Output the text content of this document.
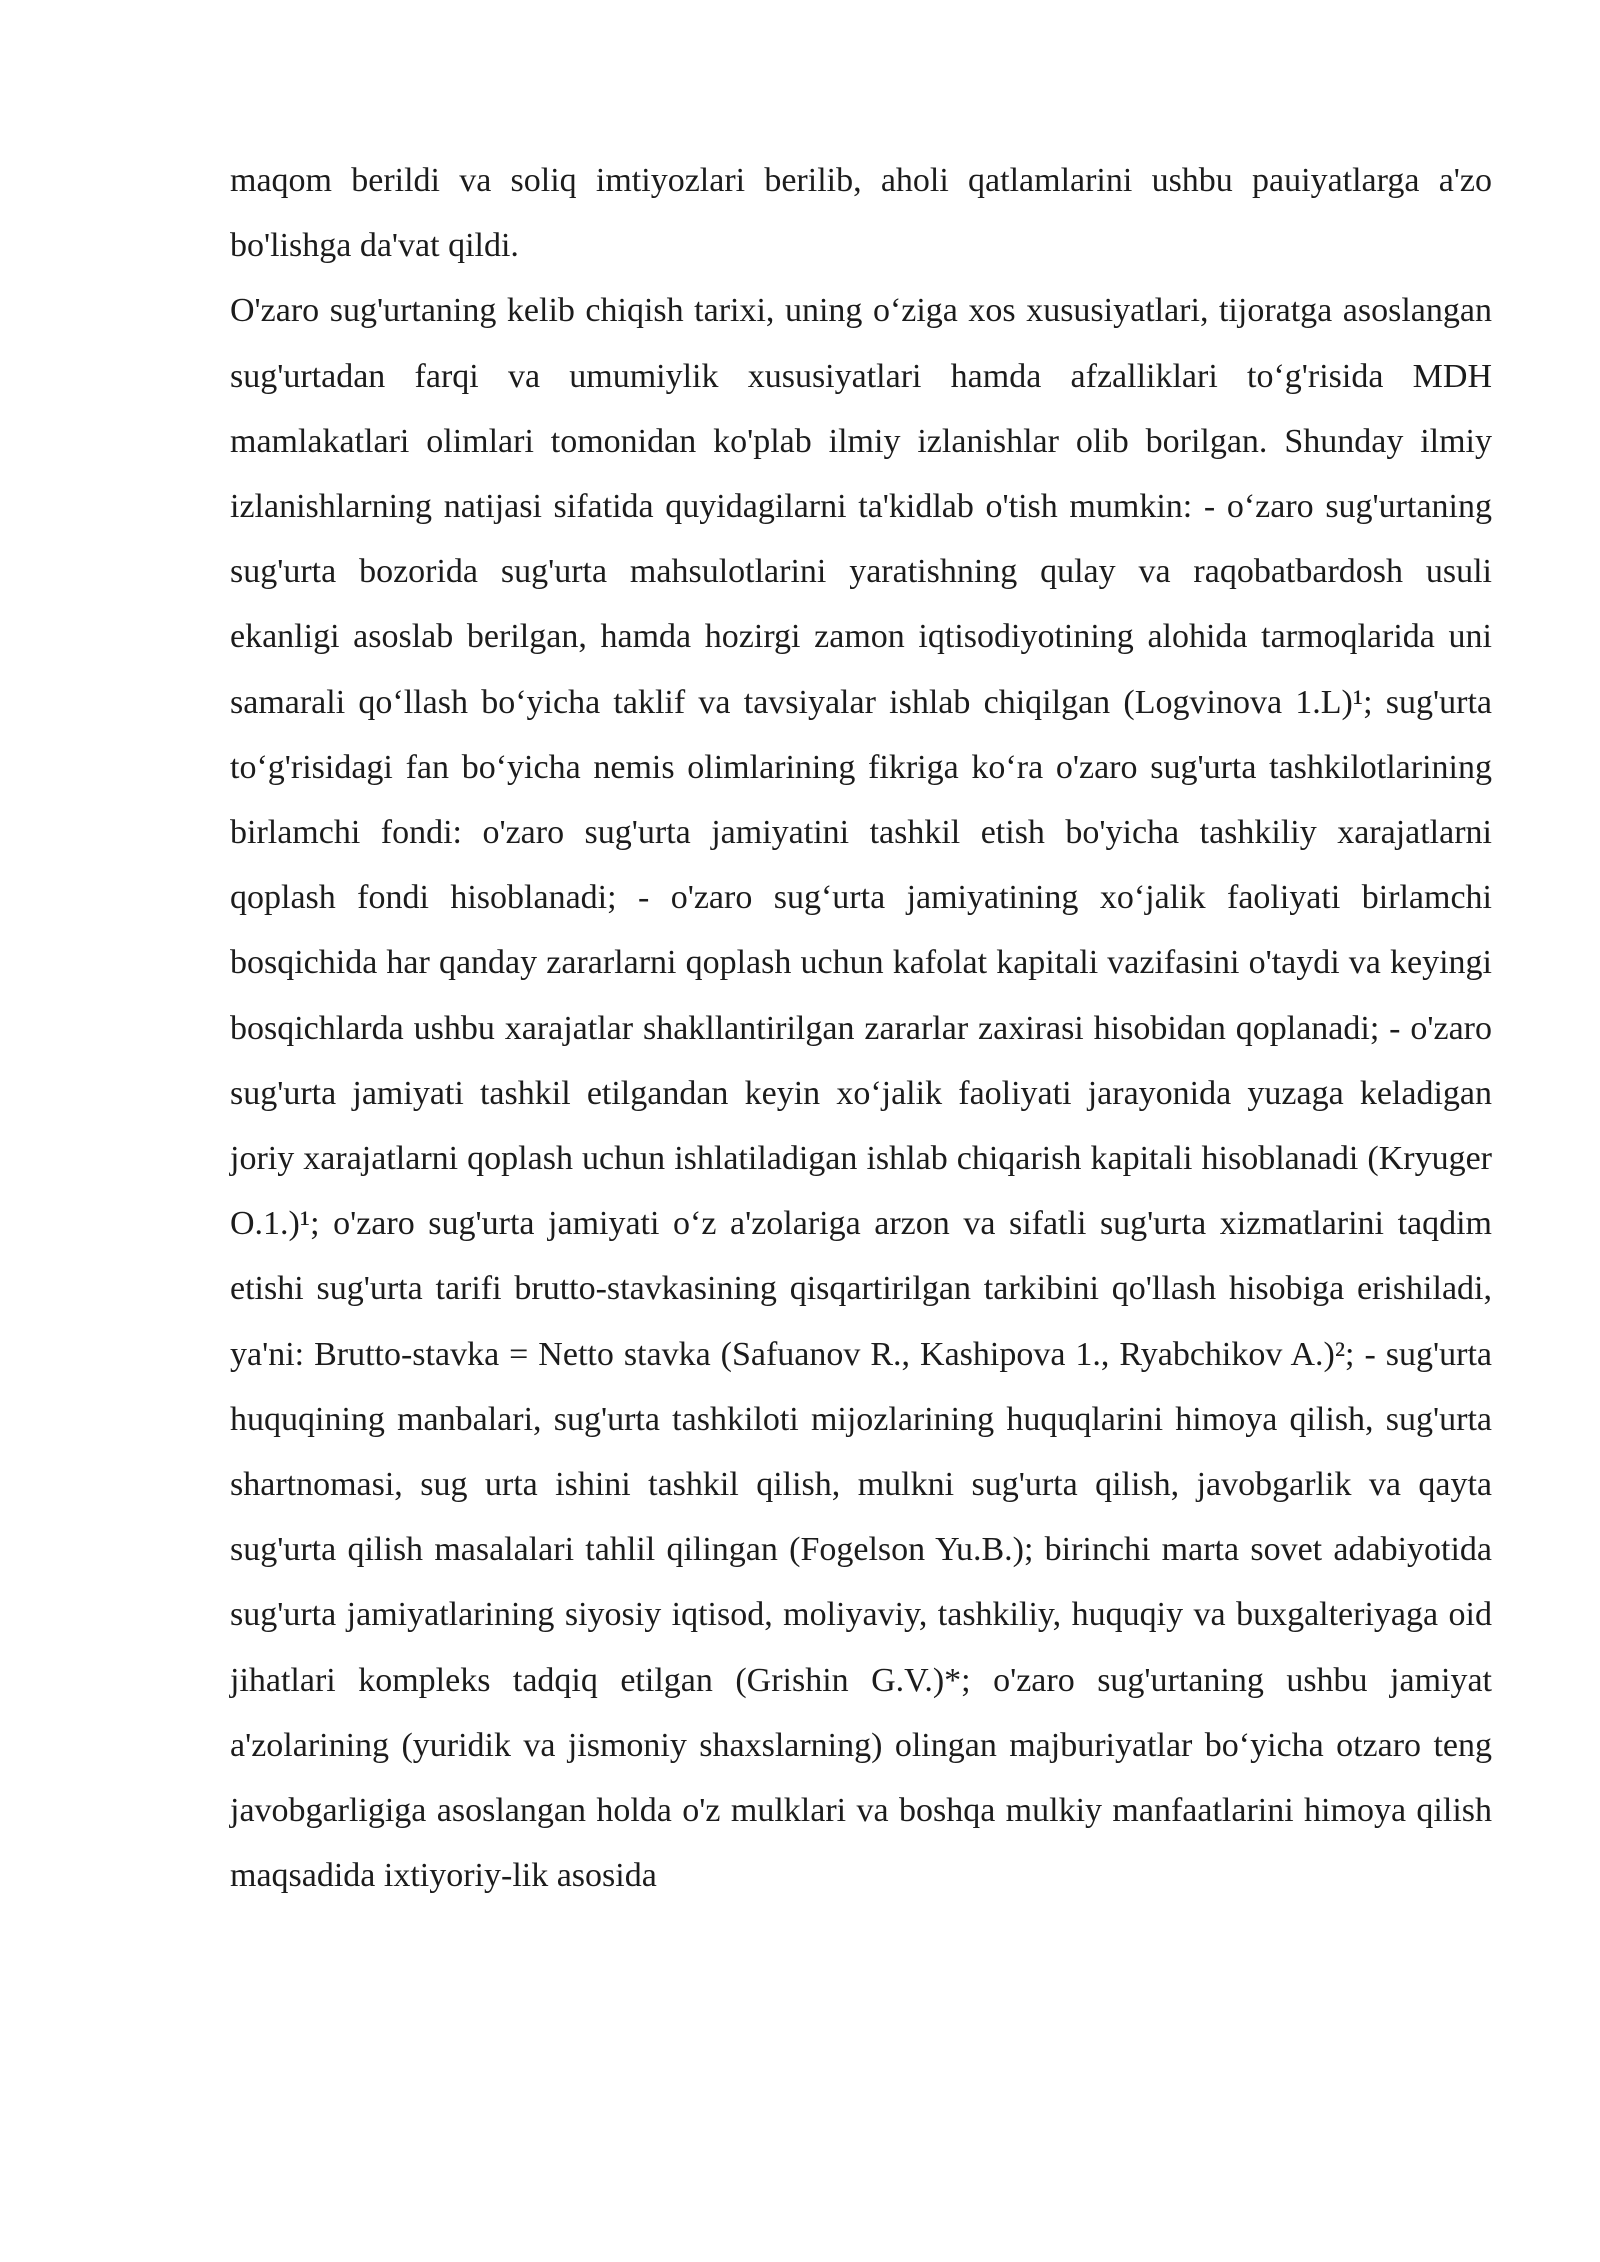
maqom berildi va soliq imtiyozlari berilib, aholi qatlamlarini ushbu pauiyatlarga a'zo bo'lishga da'vat qildi.

O'zaro sug'urtaning kelib chiqish tarixi, uning o‘ziga xos xususiyatlari, tijoratga asoslangan sug'urtadan farqi va umumiylik xususiyatlari hamda afzalliklari to‘g'risida MDH mamlakatlari olimlari tomonidan ko'plab ilmiy izlanishlar olib borilgan. Shunday ilmiy izlanishlarning natijasi sifatida quyidagilarni ta'kidlab o'tish mumkin: - o‘zaro sug'urtaning sug'urta bozorida sug'urta mahsulotlarini yaratishning qulay va raqobatbardosh usuli ekanligi asoslab berilgan, hamda hozirgi zamon iqtisodiyotining alohida tarmoqlarida uni samarali qo‘llash bo‘yicha taklif va tavsiyalar ishlab chiqilgan (Logvinova 1.L)¹; sug'urta to‘g'risidagi fan bo‘yicha nemis olimlarining fikriga ko‘ra o'zaro sug'urta tashkilotlarining birlamchi fondi: o'zaro sug'urta jamiyatini tashkil etish bo'yicha tashkiliy xarajatlarni qoplash fondi hisoblanadi; - o'zaro sug‘urta jamiyatining xo‘jalik faoliyati birlamchi bosqichida har qanday zararlarni qoplash uchun kafolat kapitali vazifasini o'taydi va keyingi bosqichlarda ushbu xarajatlar shakllantirilgan zararlar zaxirasi hisobidan qoplanadi; - o'zaro sug'urta jamiyati tashkil etilgandan keyin xo‘jalik faoliyati jarayonida yuzaga keladigan joriy xarajatlarni qoplash uchun ishlatiladigan ishlab chiqarish kapitali hisoblanadi (Kryuger O.1.)¹; o'zaro sug'urta jamiyati o‘z a'zolariga arzon va sifatli sug'urta xizmatlarini taqdim etishi sug'urta tarifi brutto-stavkasining qisqartirilgan tarkibini qo'llash hisobiga erishiladi, ya'ni: Brutto-stavka = Netto stavka (Safuanov R., Kashipova 1., Ryabchikov A.)²; - sug'urta huquqining manbalari, sug'urta tashkiloti mijozlarining huquqlarini himoya qilish, sug'urta shartnomasi, sug urta ishini tashkil qilish, mulkni sug'urta qilish, javobgarlik va qayta sug'urta qilish masalalari tahlil qilingan (Fogelson Yu.B.); birinchi marta sovet adabiyotida sug'urta jamiyatlarining siyosiy iqtisod, moliyaviy, tashkiliy, huquqiy va buxgalteriyaga oid jihatlari kompleks tadqiq etilgan (Grishin G.V.)*; o'zaro sug'urtaning ushbu jamiyat a'zolarining (yuridik va jismoniy shaxslarning) olingan majburiyatlar bo‘yicha otzaro teng javobgarligiga asoslangan holda o'z mulklari va boshqa mulkiy manfaatlarini himoya qilish maqsadida ixtiyoriy-lik asosida
